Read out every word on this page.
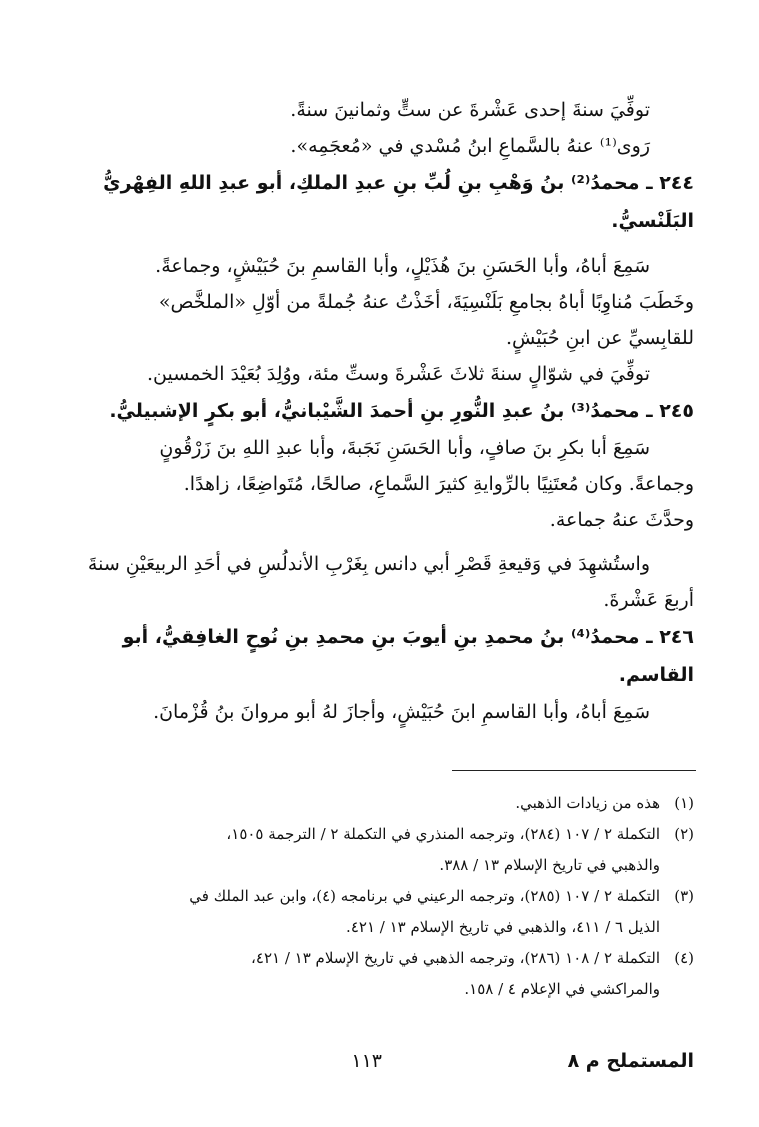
توفِّيَ سنةَ إحدى عَشْرةَ عن ستٍّ وثمانينَ سنةً.
رَوى⁽¹⁾ عنهُ بالسَّماعِ ابنُ مُسْدي في «مُعجَمِه».
٢٤٤ ـ محمدُ⁽²⁾ بنُ وَهْبِ بنِ لُبِّ بنِ عبدِ الملكِ، أبو عبدِ اللهِ الفِهْريُّ
البَلَنْسيُّ.
سَمِعَ أباهُ، وأبا الحَسَنِ بنَ هُذَيْلٍ، وأبا القاسمِ بنَ حُبَيْشٍ، وجماعةً.
وخَطَبَ مُناوِبًا أباهُ بجامعِ بَلَنْسِيَةَ، أخَذْتُ عنهُ جُملةً من أوّلِ «الملخَّص»
للقابِسيِّ عن ابنِ حُبَيْشٍ.
توفِّيَ في شوّالٍ سنةَ ثلاثَ عَشْرةَ وستِّ مئة، ووُلِدَ بُعَيْدَ الخمسين.
٢٤٥ ـ محمدُ⁽³⁾ بنُ عبدِ النُّورِ بنِ أحمدَ الشَّيْبانيُّ، أبو بكرٍ الإشبيليُّ.
سَمِعَ أبا بكرِ بنَ صافٍ، وأبا الحَسَنِ نَجَبةَ، وأبا عبدِ اللهِ بنَ زَرْقُونٍ
وجماعةً. وكان مُعتَنِيًا بالرِّوايةِ كثيرَ السَّماعِ، صالحًا، مُتَواضِعًا، زاهدًا.
وحدَّثَ عنهُ جماعة.
واستُشهِدَ في وَقيعةِ قَصْرِ أبي دانس بِغَرْبِ الأندلُسِ في أحَدِ الربيعَيْنِ سنةَ
أربعَ عَشْرةَ.
٢٤٦ ـ محمدُ⁽⁴⁾ بنُ محمدِ بنِ أيوبَ بنِ محمدِ بنِ نُوحٍ الغافِقيُّ، أبو
القاسم.
سَمِعَ أباهُ، وأبا القاسمِ ابنَ حُبَيْشٍ، وأجازَ لهُ أبو مروانَ بنُ قُزْمانَ.
(١)
هذه من زيادات الذهبي.
(٢)
التكملة ٢ / ١٠٧ (٢٨٤)، وترجمه المنذري في التكملة ٢ / الترجمة ١٥٠٥،
والذهبي في تاريخ الإسلام ١٣ / ٣٨٨.
(٣)
التكملة ٢ / ١٠٧ (٢٨٥)، وترجمه الرعيني في برنامجه (٤)، وابن عبد الملك في
الذيل ٦ / ٤١١، والذهبي في تاريخ الإسلام ١٣ / ٤٢١.
(٤)
التكملة ٢ / ١٠٨ (٢٨٦)، وترجمه الذهبي في تاريخ الإسلام ١٣ / ٤٢١،
والمراكشي في الإعلام ٤ / ١٥٨.
المستملح م ٨
١١٣
